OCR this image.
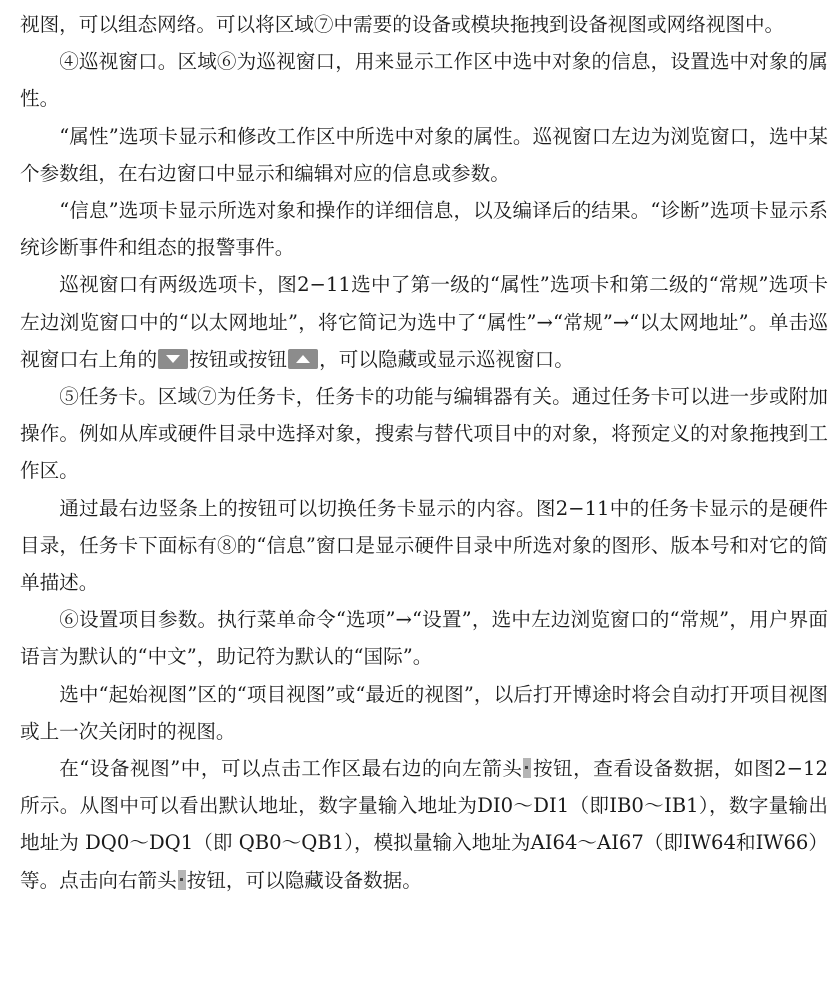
视图，可以组态网络。可以将区域⑦中需要的设备或模块拖拽到设备视图或网络视图中。

④巡视窗口。区域⑥为巡视窗口，用来显示工作区中选中对象的信息，设置选中对象的属性。

“属性”选项卡显示和修改工作区中所选中对象的属性。巡视窗口左边为浏览窗口，选中某个参数组，在右边窗口中显示和编辑对应的信息或参数。

“信息”选项卡显示所选对象和操作的详细信息，以及编译后的结果。“诊断”选项卡显示系统诊断事件和组态的报警事件。

巡视窗口有两级选项卡，图2−11选中了第一级的“属性”选项卡和第二级的“常规”选项卡左边浏览窗口中的“以太网地址”，将它简记为选中了“属性”→“常规”→“以太网地址”。单击巡视窗口右上角的 按钮或按钮 ，可以隐藏或显示巡视窗口。

⑤任务卡。区域⑦为任务卡，任务卡的功能与编辑器有关。通过任务卡可以进一步或附加操作。例如从库或硬件目录中选择对象，搜索与替代项目中的对象，将预定义的对象拖拽到工作区。

通过最右边竖条上的按钮可以切换任务卡显示的内容。图2−11中的任务卡显示的是硬件目录，任务卡下面标有⑧的“信息”窗口是显示硬件目录中所选对象的图形、版本号和对它的简单描述。

⑥设置项目参数。执行菜单命令“选项”→“设置”，选中左边浏览窗口的“常规”，用户界面语言为默认的“中文”，助记符为默认的“国际”。

选中“起始视图”区的“项目视图”或“最近的视图”，以后打开博途时将会自动打开项目视图或上一次关闭时的视图。

在“设备视图”中，可以点击工作区最右边的向左箭头 按钮，查看设备数据，如图2−12所示。从图中可以看出默认地址，数字量输入地址为DI0～DI1（即IB0～IB1），数字量输出地址为 DQ0～DQ1（即 QB0～QB1），模拟量输入地址为AI64～AI67（即IW64和IW66）等。点击向右箭头 按钮，可以隐藏设备数据。
